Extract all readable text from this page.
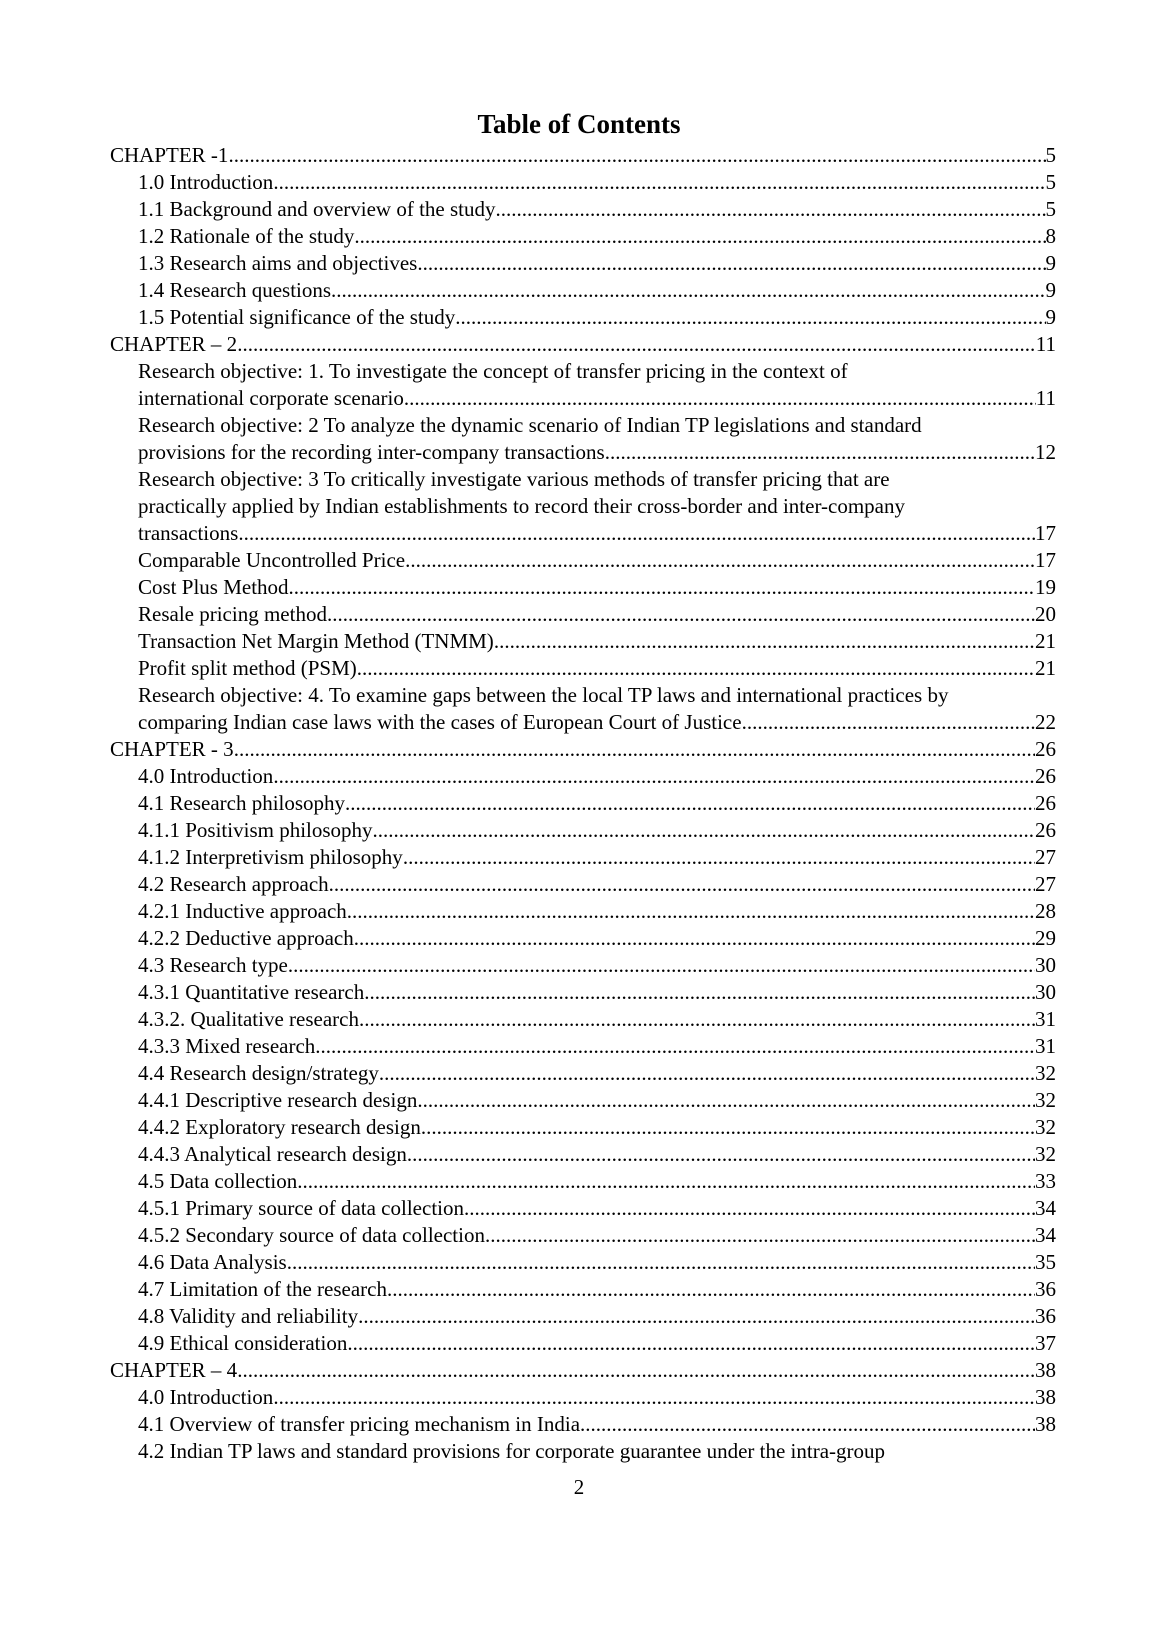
Table of Contents
CHAPTER -1 .....	5
1.0 Introduction .....	5
1.1 Background and overview of the study .....	5
1.2 Rationale of the study .....	8
1.3 Research aims and objectives .....	9
1.4 Research questions .....	9
1.5 Potential significance of the study .....	9
CHAPTER – 2 .....	11
Research objective: 1. To investigate the concept of transfer pricing in the context of
international corporate scenario .....	11
Research objective: 2 To analyze the dynamic scenario of Indian TP legislations and standard
provisions for the recording inter-company transactions .....	12
Research objective: 3 To critically investigate various methods of transfer pricing that are
practically applied by Indian establishments to record their cross-border and inter-company
transactions .....	17
Comparable Uncontrolled Price .....	17
Cost Plus Method .....	19
Resale pricing method .....	20
Transaction Net Margin Method (TNMM) .....	21
Profit split method (PSM) .....	21
Research objective: 4. To examine gaps between the local TP laws and international practices by
comparing Indian case laws with the cases of European Court of Justice .....	22
CHAPTER - 3 .....	26
4.0 Introduction .....	26
4.1 Research philosophy .....	26
4.1.1 Positivism philosophy .....	26
4.1.2 Interpretivism philosophy .....	27
4.2 Research approach .....	27
4.2.1 Inductive approach .....	28
4.2.2 Deductive approach .....	29
4.3 Research type .....	30
4.3.1 Quantitative research .....	30
4.3.2. Qualitative research .....	31
4.3.3 Mixed research .....	31
4.4 Research design/strategy .....	32
4.4.1 Descriptive research design .....	32
4.4.2 Exploratory research design .....	32
4.4.3 Analytical research design .....	32
4.5 Data collection .....	33
4.5.1 Primary source of data collection .....	34
4.5.2 Secondary source of data collection .....	34
4.6 Data Analysis .....	35
4.7 Limitation of the research .....	36
4.8 Validity and reliability .....	36
4.9 Ethical consideration .....	37
CHAPTER – 4 .....	38
4.0 Introduction .....	38
4.1 Overview of transfer pricing mechanism in India .....	38
4.2 Indian TP laws and standard provisions for corporate guarantee under the intra-group
2
